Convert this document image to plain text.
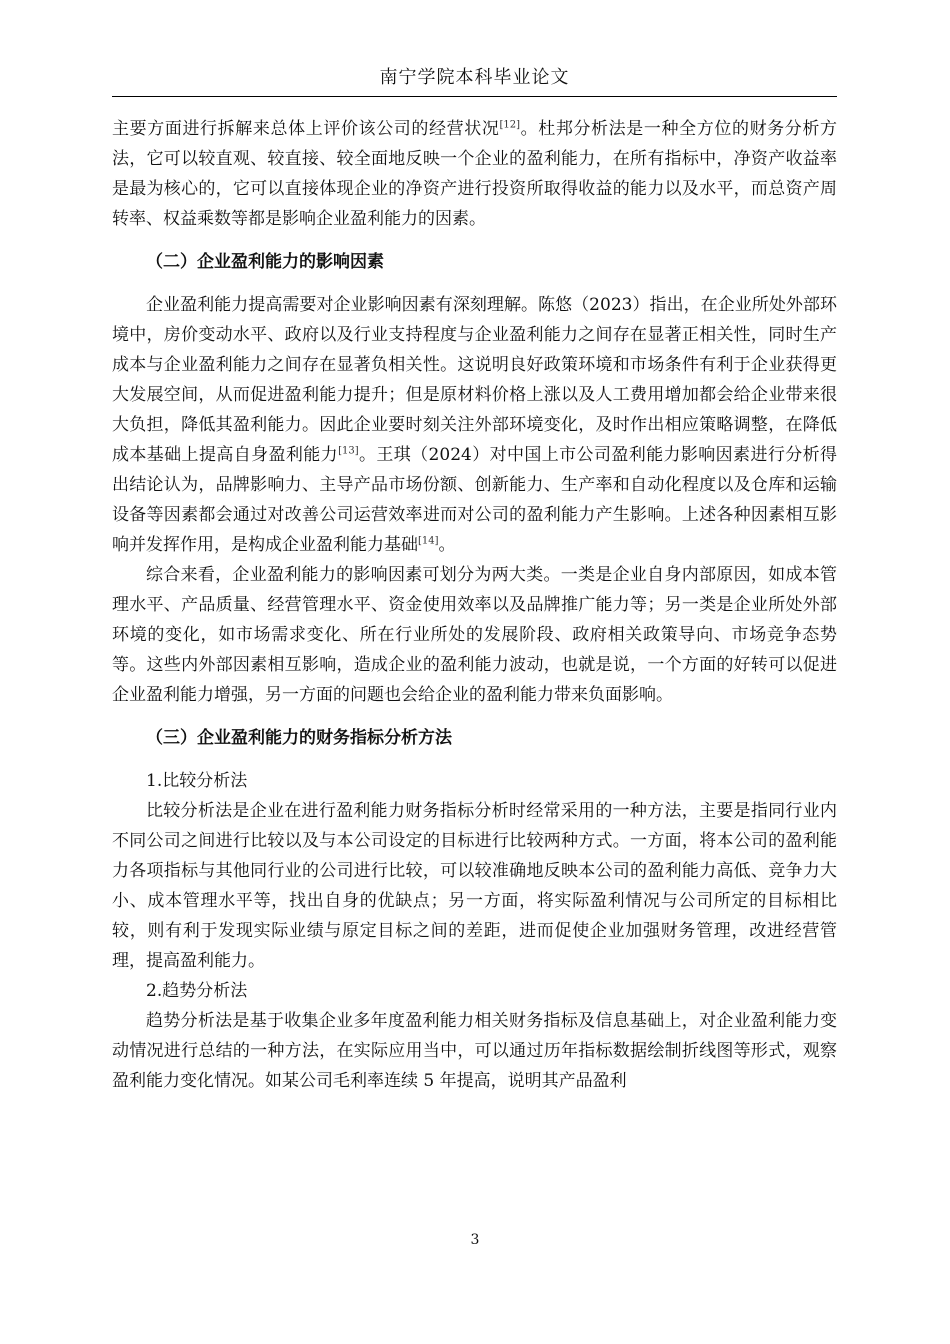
南宁学院本科毕业论文

主要方面进行拆解来总体上评价该公司的经营状况[12]。杜邦分析法是一种全方位的财务分析方法，它可以较直观、较直接、较全面地反映一个企业的盈利能力，在所有指标中，净资产收益率是最为核心的，它可以直接体现企业的净资产进行投资所取得收益的能力以及水平，而总资产周转率、权益乘数等都是影响企业盈利能力的因素。

（二）企业盈利能力的影响因素

企业盈利能力提高需要对企业影响因素有深刻理解。陈悠（2023）指出，在企业所处外部环境中，房价变动水平、政府以及行业支持程度与企业盈利能力之间存在显著正相关性，同时生产成本与企业盈利能力之间存在显著负相关性。这说明良好政策环境和市场条件有利于企业获得更大发展空间，从而促进盈利能力提升；但是原材料价格上涨以及人工费用增加都会给企业带来很大负担，降低其盈利能力。因此企业要时刻关注外部环境变化，及时作出相应策略调整，在降低成本基础上提高自身盈利能力[13]。王琪（2024）对中国上市公司盈利能力影响因素进行分析得出结论认为，品牌影响力、主导产品市场份额、创新能力、生产率和自动化程度以及仓库和运输设备等因素都会通过对改善公司运营效率进而对公司的盈利能力产生影响。上述各种因素相互影响并发挥作用，是构成企业盈利能力基础[14]。

综合来看，企业盈利能力的影响因素可划分为两大类。一类是企业自身内部原因，如成本管理水平、产品质量、经营管理水平、资金使用效率以及品牌推广能力等；另一类是企业所处外部环境的变化，如市场需求变化、所在行业所处的发展阶段、政府相关政策导向、市场竞争态势等。这些内外部因素相互影响，造成企业的盈利能力波动，也就是说，一个方面的好转可以促进企业盈利能力增强，另一方面的问题也会给企业的盈利能力带来负面影响。

（三）企业盈利能力的财务指标分析方法

1.比较分析法

比较分析法是企业在进行盈利能力财务指标分析时经常采用的一种方法，主要是指同行业内不同公司之间进行比较以及与本公司设定的目标进行比较两种方式。一方面，将本公司的盈利能力各项指标与其他同行业的公司进行比较，可以较准确地反映本公司的盈利能力高低、竞争力大小、成本管理水平等，找出自身的优缺点；另一方面，将实际盈利情况与公司所定的目标相比较，则有利于发现实际业绩与原定目标之间的差距，进而促使企业加强财务管理，改进经营管理，提高盈利能力。

2.趋势分析法

趋势分析法是基于收集企业多年度盈利能力相关财务指标及信息基础上，对企业盈利能力变动情况进行总结的一种方法，在实际应用当中，可以通过历年指标数据绘制折线图等形式，观察盈利能力变化情况。如某公司毛利率连续 5 年提高，说明其产品盈利

3
